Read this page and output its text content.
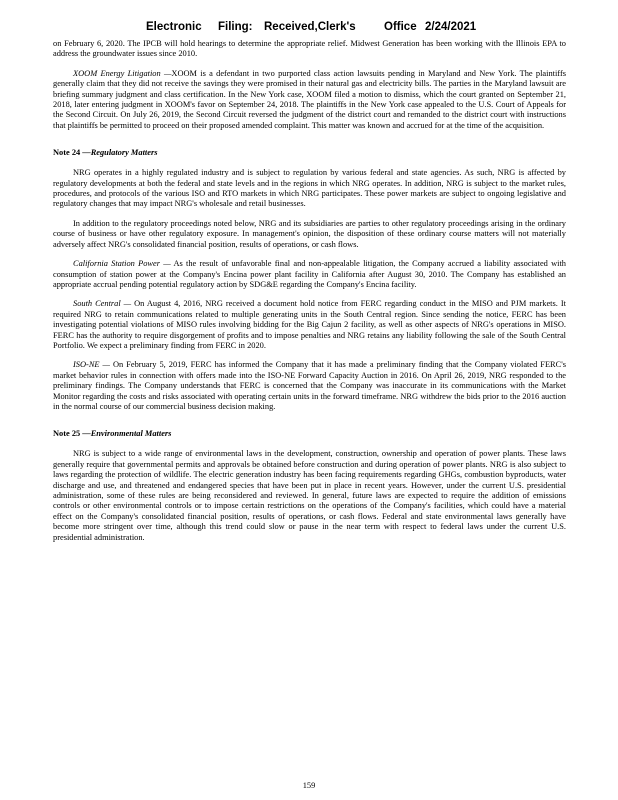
Electronic Filing: Received,Clerk's Office 2/24/2021

on February 6, 2020. The IPCB will hold hearings to determine the appropriate relief. Midwest Generation has been working with the Illinois EPA to address the groundwater issues since 2010.

XOOM Energy Litigation —XOOM is a defendant in two purported class action lawsuits pending in Maryland and New York. The plaintiffs generally claim that they did not receive the savings they were promised in their natural gas and electricity bills. The parties in the Maryland lawsuit are briefing summary judgment and class certification. In the New York case, XOOM filed a motion to dismiss, which the court granted on September 21, 2018, later entering judgment in XOOM's favor on September 24, 2018. The plaintiffs in the New York case appealed to the U.S. Court of Appeals for the Second Circuit. On July 26, 2019, the Second Circuit reversed the judgment of the district court and remanded to the district court with instructions that plaintiffs be permitted to proceed on their proposed amended complaint. This matter was known and accrued for at the time of the acquisition.

Note 24 —Regulatory Matters

NRG operates in a highly regulated industry and is subject to regulation by various federal and state agencies. As such, NRG is affected by regulatory developments at both the federal and state levels and in the regions in which NRG operates. In addition, NRG is subject to the market rules, procedures, and protocols of the various ISO and RTO markets in which NRG participates. These power markets are subject to ongoing legislative and regulatory changes that may impact NRG's wholesale and retail businesses.

In addition to the regulatory proceedings noted below, NRG and its subsidiaries are parties to other regulatory proceedings arising in the ordinary course of business or have other regulatory exposure. In management's opinion, the disposition of these ordinary course matters will not materially adversely affect NRG's consolidated financial position, results of operations, or cash flows.

California Station Power — As the result of unfavorable final and non-appealable litigation, the Company accrued a liability associated with consumption of station power at the Company's Encina power plant facility in California after August 30, 2010. The Company has established an appropriate accrual pending potential regulatory action by SDG&E regarding the Company's Encina facility.

South Central — On August 4, 2016, NRG received a document hold notice from FERC regarding conduct in the MISO and PJM markets. It required NRG to retain communications related to multiple generating units in the South Central region. Since sending the notice, FERC has been investigating potential violations of MISO rules involving bidding for the Big Cajun 2 facility, as well as other aspects of NRG's operations in MISO. FERC has the authority to require disgorgement of profits and to impose penalties and NRG retains any liability following the sale of the South Central Portfolio. We expect a preliminary finding from FERC in 2020.

ISO-NE — On February 5, 2019, FERC has informed the Company that it has made a preliminary finding that the Company violated FERC's market behavior rules in connection with offers made into the ISO-NE Forward Capacity Auction in 2016. On April 26, 2019, NRG responded to the preliminary findings. The Company understands that FERC is concerned that the Company was inaccurate in its communications with the Market Monitor regarding the costs and risks associated with operating certain units in the forward timeframe. NRG withdrew the bids prior to the 2016 auction in the normal course of our commercial business decision making.

Note 25 —Environmental Matters

NRG is subject to a wide range of environmental laws in the development, construction, ownership and operation of power plants. These laws generally require that governmental permits and approvals be obtained before construction and during operation of power plants. NRG is also subject to laws regarding the protection of wildlife. The electric generation industry has been facing requirements regarding GHGs, combustion byproducts, water discharge and use, and threatened and endangered species that have been put in place in recent years. However, under the current U.S. presidential administration, some of these rules are being reconsidered and reviewed. In general, future laws are expected to require the addition of emissions controls or other environmental controls or to impose certain restrictions on the operations of the Company's facilities, which could have a material effect on the Company's consolidated financial position, results of operations, or cash flows. Federal and state environmental laws generally have become more stringent over time, although this trend could slow or pause in the near term with respect to federal laws under the current U.S. presidential administration.

159
